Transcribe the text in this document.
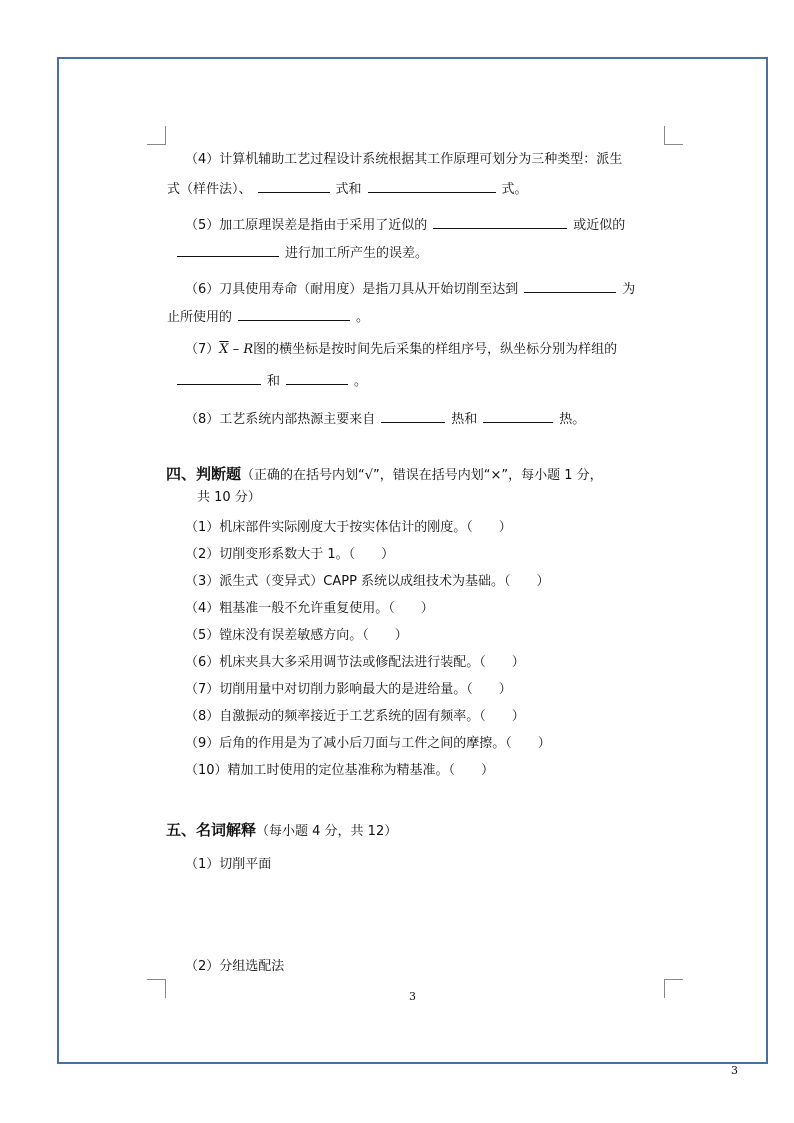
（4）计算机辅助工艺过程设计系统根据其工作原理可划分为三种类型：派生
式（样件法）、	式和	式。
（5）加工原理误差是指由于采用了近似的	或近似的
进行加工所产生的误差。
（6）刀具使用寿命（耐用度）是指刀具从开始切削至达到	为
止所使用的	。
$(7)\overline{X}$ – R图的横坐标是按时间先后采集的样组序号，纵坐标分别为样组的
和	。
（8）工艺系统内部热源主要来自	热和	热。
四、判断题（正确的在括号内划“√”，错误在括号内划“×”，每小题 1 分，
共 10 分）
（1）机床部件实际刚度大于按实体估计的刚度。（　　）
（2）切削变形系数大于 1。（　　）
（3）派生式（变异式）CAPP 系统以成组技术为基础。（　　）
（4）粗基准一般不允许重复使用。（　　）
（5）镗床没有误差敏感方向。（　　）
（6）机床夹具大多采用调节法或修配法进行装配。（　　）
（7）切削用量中对切削力影响最大的是进给量。（　　）
（8）自激振动的频率接近于工艺系统的固有频率。（　　）
（9）后角的作用是为了减小后刀面与工件之间的摩擦。（　　）
（10）精加工时使用的定位基准称为精基准。（　　）
五、名词解释（每小题 4 分，共 12）
（1）切削平面
（2）分组选配法
3
3
